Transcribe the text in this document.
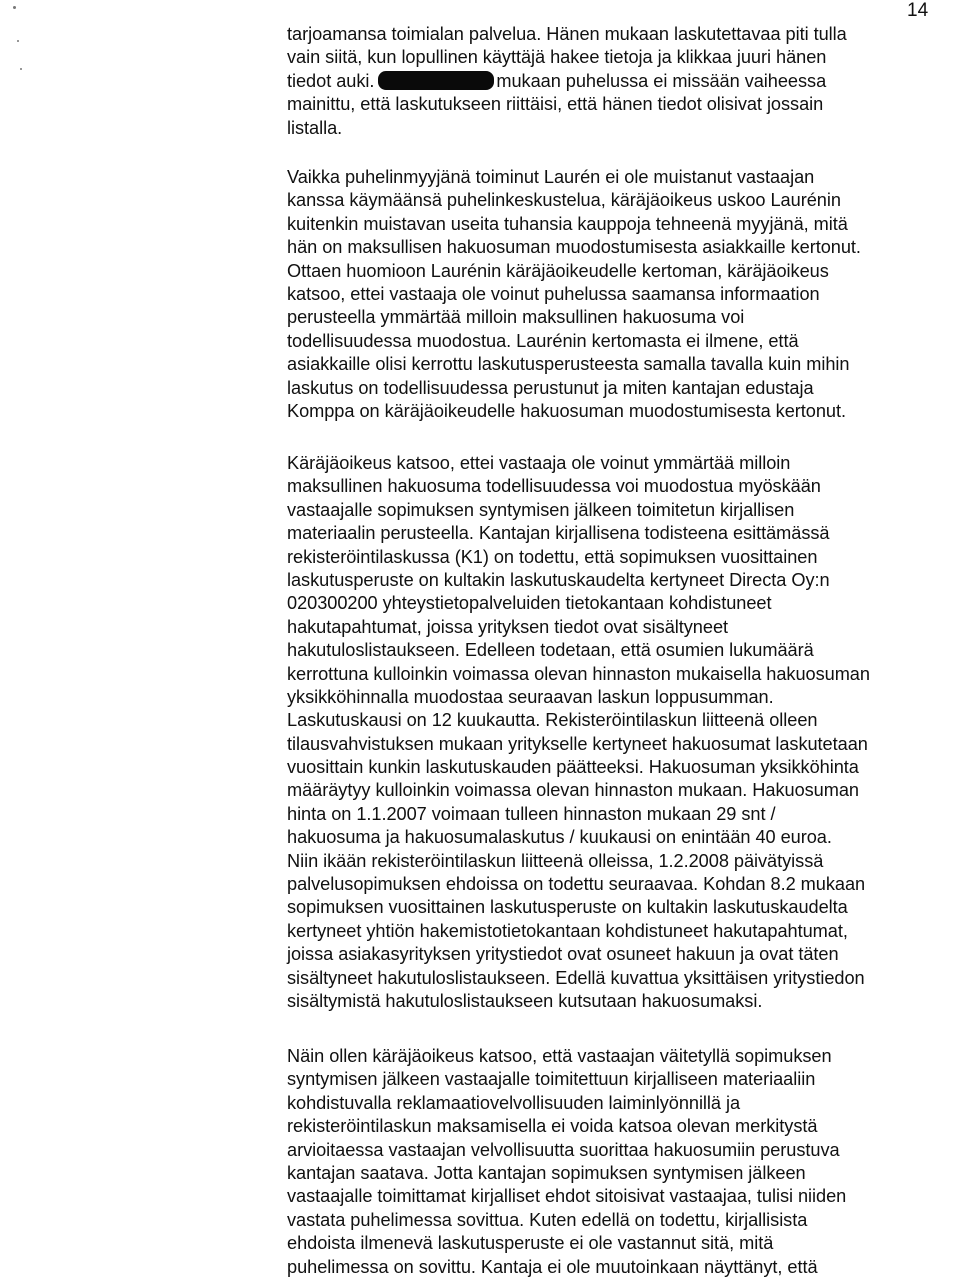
14
tarjoamansa toimialan palvelua. Hänen mukaan laskutettavaa piti tulla
vain siitä, kun lopullinen käyttäjä hakee tietoja ja klikkaa juuri hänen
tiedot auki.	mukaan puhelussa ei missään vaiheessa
mainittu, että laskutukseen riittäisi, että hänen tiedot olisivat jossain
listalla.
Vaikka puhelinmyyjänä toiminut Laurén ei ole muistanut vastaajan
kanssa käymäänsä puhelinkeskustelua, käräjäoikeus uskoo Laurénin
kuitenkin muistavan useita tuhansia kauppoja tehneenä myyjänä, mitä
hän on maksullisen hakuosuman muodostumisesta asiakkaille kertonut.
Ottaen huomioon Laurénin käräjäoikeudelle kertoman, käräjäoikeus
katsoo, ettei vastaaja ole voinut puhelussa saamansa informaation
perusteella ymmärtää milloin maksullinen hakuosuma voi
todellisuudessa muodostua. Laurénin kertomasta ei ilmene, että
asiakkaille olisi kerrottu laskutusperusteesta samalla tavalla kuin mihin
laskutus on todellisuudessa perustunut ja miten kantajan edustaja
Komppa on käräjäoikeudelle hakuosuman muodostumisesta kertonut.
Käräjäoikeus katsoo, ettei vastaaja ole voinut ymmärtää milloin
maksullinen hakuosuma todellisuudessa voi muodostua myöskään
vastaajalle sopimuksen syntymisen jälkeen toimitetun kirjallisen
materiaalin perusteella. Kantajan kirjallisena todisteena esittämässä
rekisteröintilaskussa (K1) on todettu, että sopimuksen vuosittainen
laskutusperuste on kultakin laskutuskaudelta kertyneet Directa Oy:n
020300200 yhteystietopalveluiden tietokantaan kohdistuneet
hakutapahtumat, joissa yrityksen tiedot ovat sisältyneet
hakutuloslistaukseen. Edelleen todetaan, että osumien lukumäärä
kerrottuna kulloinkin voimassa olevan hinnaston mukaisella hakuosuman
yksikköhinnalla muodostaa seuraavan laskun loppusumman.
Laskutuskausi on 12 kuukautta. Rekisteröintilaskun liitteenä olleen
tilausvahvistuksen mukaan yritykselle kertyneet hakuosumat laskutetaan
vuosittain kunkin laskutuskauden päätteeksi. Hakuosuman yksikköhinta
määräytyy kulloinkin voimassa olevan hinnaston mukaan. Hakuosuman
hinta on 1.1.2007 voimaan tulleen hinnaston mukaan 29 snt /
hakuosuma ja hakuosumalaskutus / kuukausi on enintään 40 euroa.
Niin ikään rekisteröintilaskun liitteenä olleissa, 1.2.2008 päivätyissä
palvelusopimuksen ehdoissa on todettu seuraavaa. Kohdan 8.2 mukaan
sopimuksen vuosittainen laskutusperuste on kultakin laskutuskaudelta
kertyneet yhtiön hakemistotietokantaan kohdistuneet hakutapahtumat,
joissa asiakasyrityksen yritystiedot ovat osuneet hakuun ja ovat täten
sisältyneet hakutuloslistaukseen. Edellä kuvattua yksittäisen yritystiedon
sisältymistä hakutuloslistaukseen kutsutaan hakuosumaksi.
Näin ollen käräjäoikeus katsoo, että vastaajan väitetyllä sopimuksen
syntymisen jälkeen vastaajalle toimitettuun kirjalliseen materiaaliin
kohdistuvalla reklamaatiovelvollisuuden laiminlyönnillä ja
rekisteröintilaskun maksamisella ei voida katsoa olevan merkitystä
arvioitaessa vastaajan velvollisuutta suorittaa hakuosumiin perustuva
kantajan saatava. Jotta kantajan sopimuksen syntymisen jälkeen
vastaajalle toimittamat kirjalliset ehdot sitoisivat vastaajaa, tulisi niiden
vastata puhelimessa sovittua. Kuten edellä on todettu, kirjallisista
ehdoista ilmenevä laskutusperuste ei ole vastannut sitä, mitä
puhelimessa on sovittu. Kantaja ei ole muutoinkaan näyttänyt, että
